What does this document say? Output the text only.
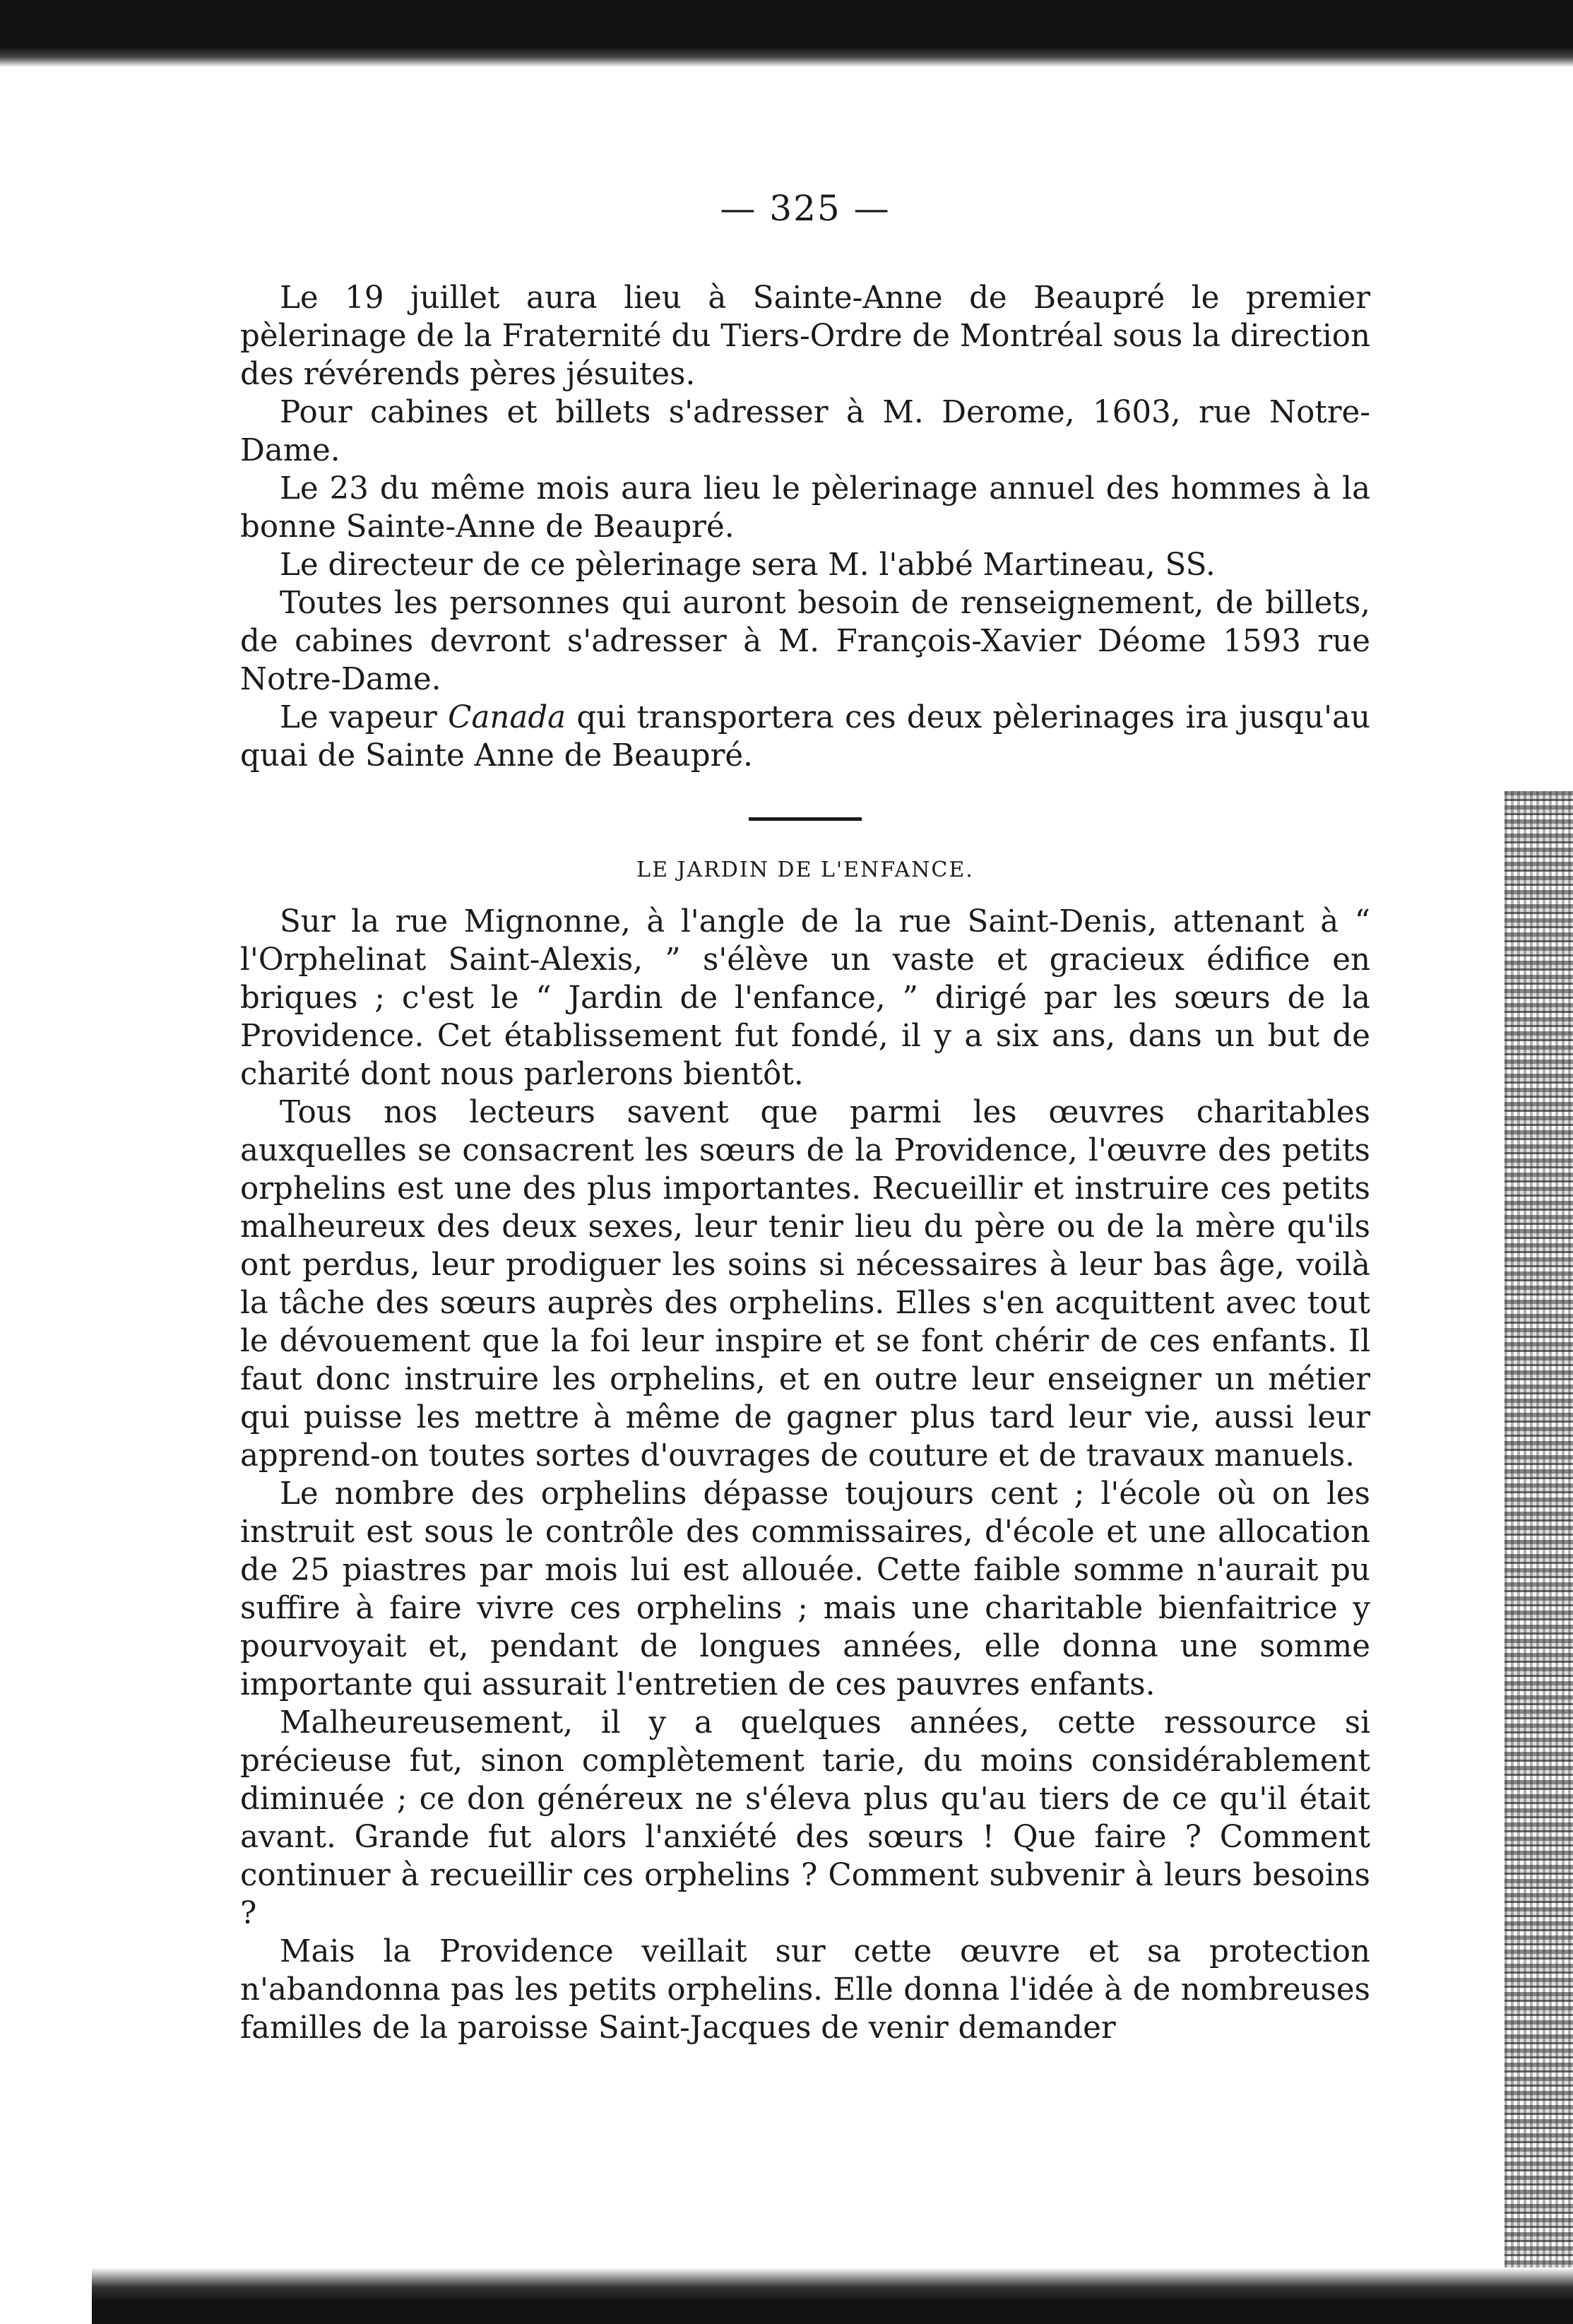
— 325 —

Le 19 juillet aura lieu à Sainte-Anne de Beaupré le premier pèlerinage de la Fraternité du Tiers-Ordre de Montréal sous la direction des révérends pères jésuites.

Pour cabines et billets s'adresser à M. Derome, 1603, rue Notre-Dame.

Le 23 du même mois aura lieu le pèlerinage annuel des hommes à la bonne Sainte-Anne de Beaupré.

Le directeur de ce pèlerinage sera M. l'abbé Martineau, SS.

Toutes les personnes qui auront besoin de renseignement, de billets, de cabines devront s'adresser à M. François-Xavier Déome 1593 rue Notre-Dame.

Le vapeur Canada qui transportera ces deux pèlerinages ira jusqu'au quai de Sainte Anne de Beaupré.

LE JARDIN DE L'ENFANCE.

Sur la rue Mignonne, à l'angle de la rue Saint-Denis, attenant à “ l'Orphelinat Saint-Alexis, ” s'élève un vaste et gracieux édifice en briques ; c'est le “ Jardin de l'enfance, ” dirigé par les sœurs de la Providence. Cet établissement fut fondé, il y a six ans, dans un but de charité dont nous parlerons bientôt.

Tous nos lecteurs savent que parmi les œuvres charitables auxquelles se consacrent les sœurs de la Providence, l'œuvre des petits orphelins est une des plus importantes. Recueillir et instruire ces petits malheureux des deux sexes, leur tenir lieu du père ou de la mère qu'ils ont perdus, leur prodiguer les soins si nécessaires à leur bas âge, voilà la tâche des sœurs auprès des orphelins. Elles s'en acquittent avec tout le dévouement que la foi leur inspire et se font chérir de ces enfants. Il faut donc instruire les orphelins, et en outre leur enseigner un métier qui puisse les mettre à même de gagner plus tard leur vie, aussi leur apprend-on toutes sortes d'ouvrages de couture et de travaux manuels.

Le nombre des orphelins dépasse toujours cent ; l'école où on les instruit est sous le contrôle des commissaires, d'école et une allocation de 25 piastres par mois lui est allouée. Cette faible somme n'aurait pu suffire à faire vivre ces orphelins ; mais une charitable bienfaitrice y pourvoyait et, pendant de longues années, elle donna une somme importante qui assurait l'entretien de ces pauvres enfants.

Malheureusement, il y a quelques années, cette ressource si précieuse fut, sinon complètement tarie, du moins considérablement diminuée ; ce don généreux ne s'éleva plus qu'au tiers de ce qu'il était avant. Grande fut alors l'anxiété des sœurs ! Que faire ? Comment continuer à recueillir ces orphelins ? Comment subvenir à leurs besoins ?

Mais la Providence veillait sur cette œuvre et sa protection n'abandonna pas les petits orphelins. Elle donna l'idée à de nombreuses familles de la paroisse Saint-Jacques de venir demander
